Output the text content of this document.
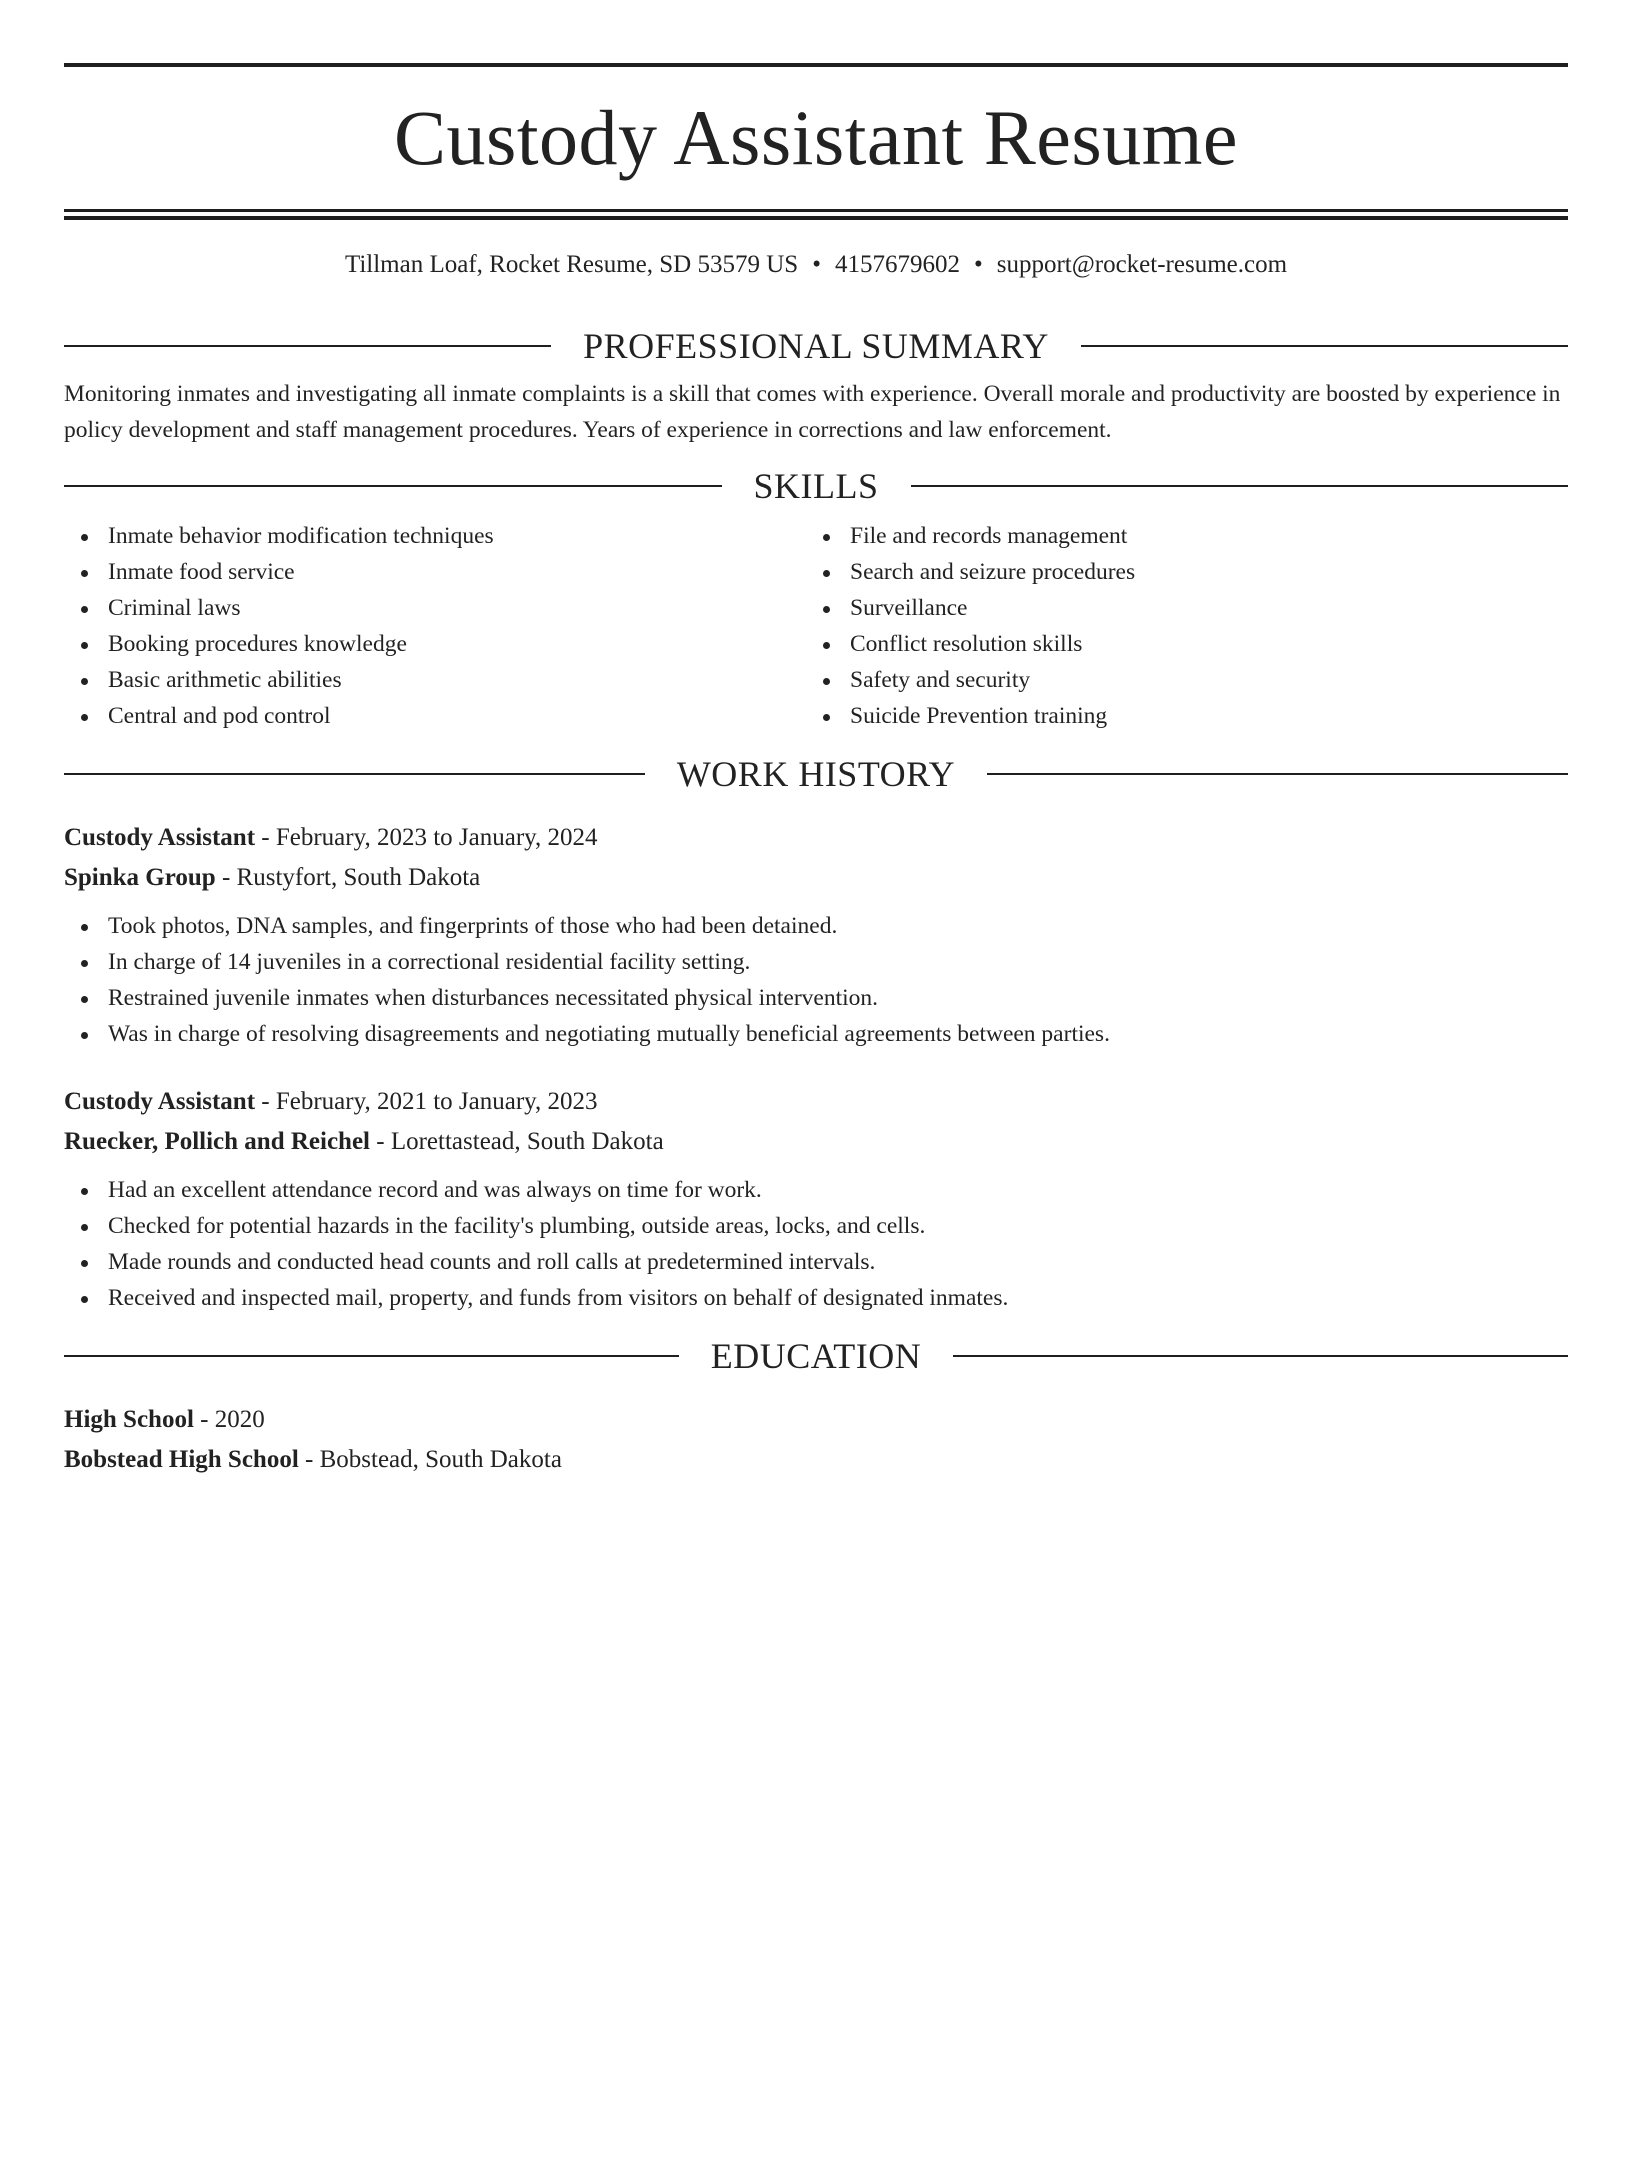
Custody Assistant Resume
Tillman Loaf, Rocket Resume, SD 53579 US • 4157679602 • support@rocket-resume.com
PROFESSIONAL SUMMARY

Monitoring inmates and investigating all inmate complaints is a skill that comes with experience. Overall morale and productivity are boosted by experience in policy development and staff management procedures. Years of experience in corrections and law enforcement.

SKILLS
Inmate behavior modification techniques
Inmate food service
Criminal laws
Booking procedures knowledge
Basic arithmetic abilities
Central and pod control
File and records management
Search and seizure procedures
Surveillance
Conflict resolution skills
Safety and security
Suicide Prevention training
WORK HISTORY
Custody Assistant - February, 2023 to January, 2024
Spinka Group - Rustyfort, South Dakota
Took photos, DNA samples, and fingerprints of those who had been detained.
In charge of 14 juveniles in a correctional residential facility setting.
Restrained juvenile inmates when disturbances necessitated physical intervention.
Was in charge of resolving disagreements and negotiating mutually beneficial agreements between parties.
Custody Assistant - February, 2021 to January, 2023
Ruecker, Pollich and Reichel - Lorettastead, South Dakota
Had an excellent attendance record and was always on time for work.
Checked for potential hazards in the facility's plumbing, outside areas, locks, and cells.
Made rounds and conducted head counts and roll calls at predetermined intervals.
Received and inspected mail, property, and funds from visitors on behalf of designated inmates.
EDUCATION
High School - 2020
Bobstead High School - Bobstead, South Dakota
